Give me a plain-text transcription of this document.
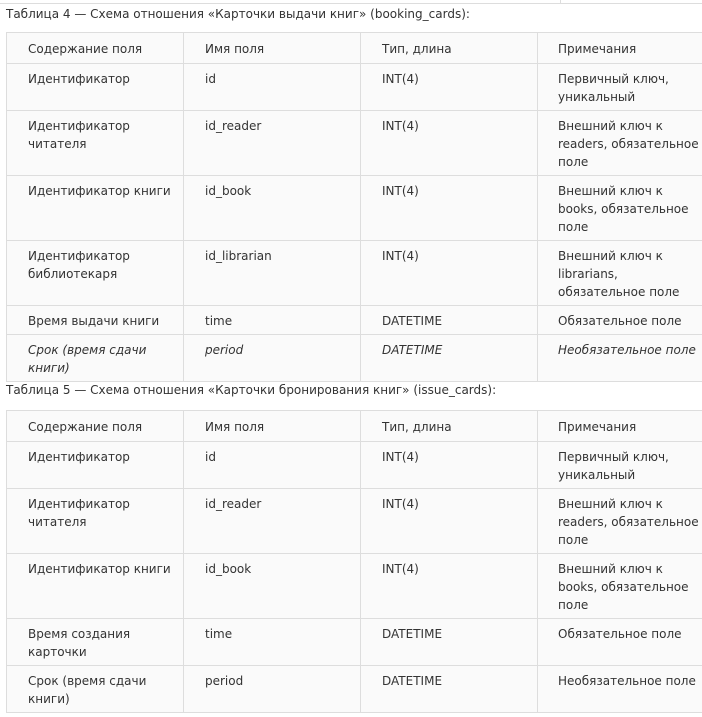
Таблица 4 — Схема отношения «Карточки выдачи книг» (booking_cards):
Содержание поля	Имя поля	Тип, длина	Примечания
Идентификатор	id	INT(4)	Первичный ключ, уникальный
Идентификатор читателя	id_reader	INT(4)	Внешний ключ к readers, обязательное поле
Идентификатор книги	id_book	INT(4)	Внешний ключ к books, обязательное поле
Идентификатор библиотекаря	id_librarian	INT(4)	Внешний ключ к librarians, обязательное поле
Время выдачи книги	time	DATETIME	Обязательное поле
Срок (время сдачи книги)	period	DATETIME	Необязательное поле
Таблица 5 — Схема отношения «Карточки бронирования книг» (issue_cards):
Содержание поля	Имя поля	Тип, длина	Примечания
Идентификатор	id	INT(4)	Первичный ключ, уникальный
Идентификатор читателя	id_reader	INT(4)	Внешний ключ к readers, обязательное поле
Идентификатор книги	id_book	INT(4)	Внешний ключ к books, обязательное поле
Время создания карточки	time	DATETIME	Обязательное поле
Срок (время сдачи книги)	period	DATETIME	Необязательное поле
